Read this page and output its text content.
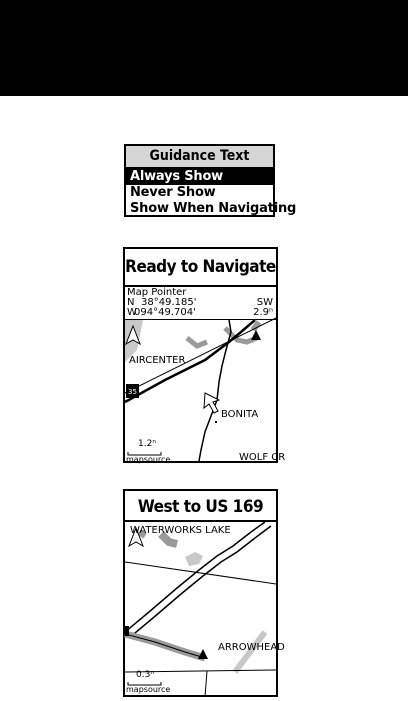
Guidance Text
Always Show
Never Show
Show When Navigating
Ready to Navigate
Map Pointer
N 38°49.185'
W
094°49.704'
SW
2.9ⁿ
35
AIRCENTER
BONITA
WOLF CR
1.2ⁿ
mapsource
West to US 169
WATERWORKS LAKE
ARROWHEAD
0.3ⁿ
mapsource
